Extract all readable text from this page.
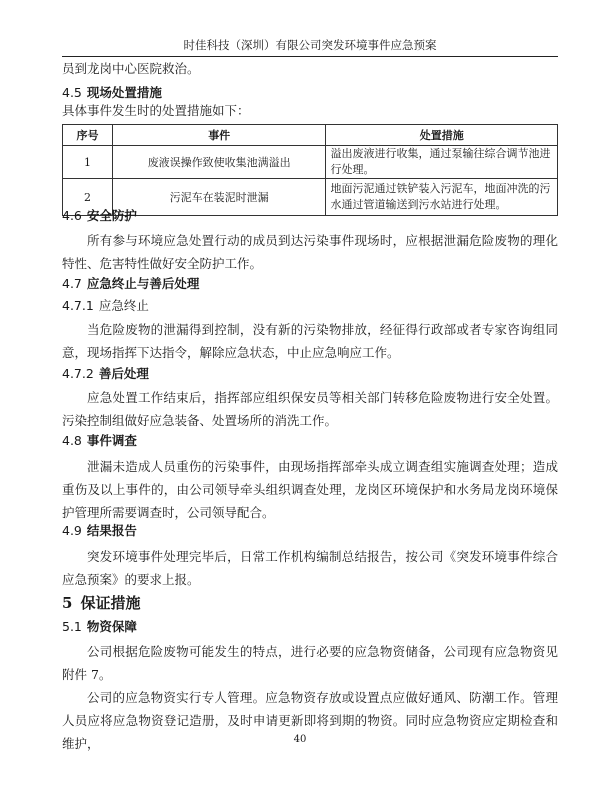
时佳科技（深圳）有限公司突发环境事件应急预案
员到龙岗中心医院救治。
4.5 现场处置措施
具体事件发生时的处置措施如下：
序号	事件	处置措施
1	废液误操作致使收集池满溢出	溢出废液进行收集，通过泵输往综合调节池进行处理。
2	污泥车在装泥时泄漏	地面污泥通过铁铲装入污泥车，地面冲洗的污水通过管道输送到污水站进行处理。
4.6 安全防护
所有参与环境应急处置行动的成员到达污染事件现场时，应根据泄漏危险废物的理化特性、危害特性做好安全防护工作。
4.7 应急终止与善后处理
4.7.1 应急终止
当危险废物的泄漏得到控制，没有新的污染物排放，经征得行政部或者专家咨询组同意，现场指挥下达指令，解除应急状态，中止应急响应工作。
4.7.2 善后处理
应急处置工作结束后，指挥部应组织保安员等相关部门转移危险废物进行安全处置。污染控制组做好应急装备、处置场所的消洗工作。
4.8 事件调查
泄漏未造成人员重伤的污染事件，由现场指挥部牵头成立调查组实施调查处理；造成重伤及以上事件的，由公司领导牵头组织调查处理，龙岗区环境保护和水务局龙岗环境保护管理所需要调查时，公司领导配合。
4.9 结果报告
突发环境事件处理完毕后，日常工作机构编制总结报告，按公司《突发环境事件综合应急预案》的要求上报。
5 保证措施
5.1 物资保障
公司根据危险废物可能发生的特点，进行必要的应急物资储备，公司现有应急物资见附件 7。
公司的应急物资实行专人管理。应急物资存放或设置点应做好通风、防潮工作。管理人员应将应急物资登记造册，及时申请更新即将到期的物资。同时应急物资应定期检查和维护，	40
